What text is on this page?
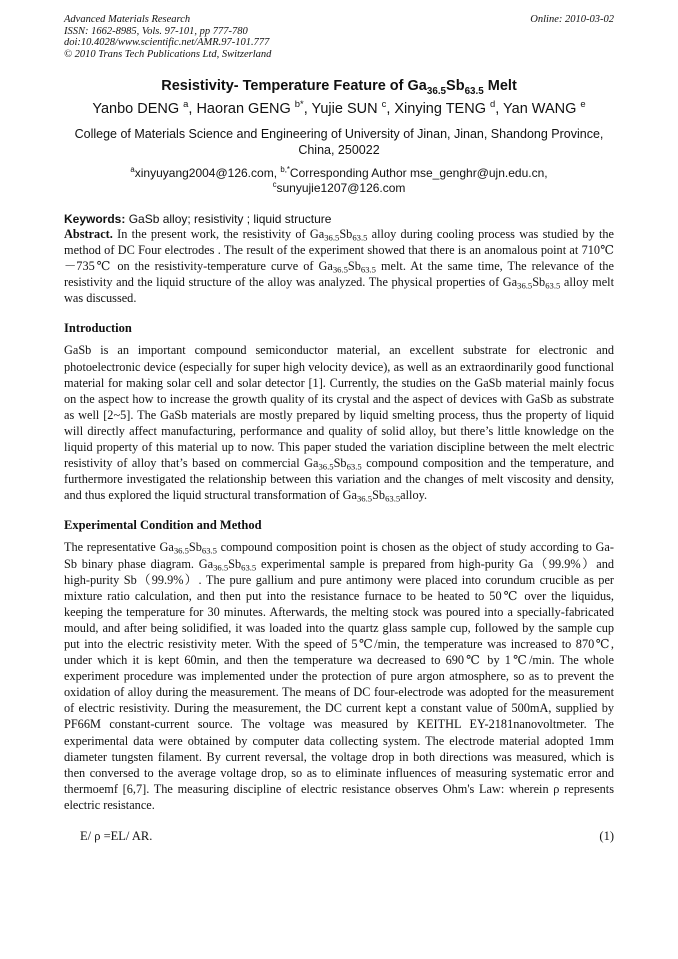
Advanced Materials Research
ISSN: 1662-8985, Vols. 97-101, pp 777-780
doi:10.4028/www.scientific.net/AMR.97-101.777
© 2010 Trans Tech Publications Ltd, Switzerland
Online: 2010-03-02
Resistivity- Temperature Feature of $Ga_{36.5}Sb_{63.5}$ Melt
Yanbo DENG $^a$, Haoran GENG $^{b*}$, Yujie SUN $^c$, Xinying TENG $^d$, Yan WANG $^e$
College of Materials Science and Engineering of University of Jinan, Jinan, Shandong Province, China, 250022
$^a$xinyuyang2004@126.com, $^{b,*}$Corresponding Author mse_genghr@ujn.edu.cn,
$^c$sunyujie1207@126.com
Keywords: GaSb alloy; resistivity ; liquid structure

Abstract. In the present work, the resistivity of $Ga_{36.5}Sb_{63.5}$ alloy during cooling process was studied by the method of DC Four electrodes . The result of the experiment showed that there is an anomalous point at 710℃－735℃ on the resistivity-temperature curve of $Ga_{36.5}Sb_{63.5}$ melt. At the same time, The relevance of the resistivity and the liquid structure of the alloy was analyzed. The physical properties of $Ga_{36.5}Sb_{63.5}$ alloy melt was discussed.

Introduction

GaSb is an important compound semiconductor material, an excellent substrate for electronic and photoelectronic device (especially for super high velocity device), as well as an extraordinarily good functional material for making solar cell and solar detector [1]. Currently, the studies on the GaSb material mainly focus on the aspect how to increase the growth quality of its crystal and the aspect of devices with GaSb as substrate as well [2~5]. The GaSb materials are mostly prepared by liquid smelting process, thus the property of liquid will directly affect manufacturing, performance and quality of solid alloy, but there’s little knowledge on the liquid property of this material up to now. This paper studed the variation discipline between the melt electric resistivity of alloy that’s based on commercial $Ga_{36.5}Sb_{63.5}$ compound composition and the temperature, and furthermore investigated the relationship between this variation and the changes of melt viscosity and density, and thus explored the liquid structural transformation of $Ga_{36.5}Sb_{63.5}alloy$.

Experimental Condition and Method

The representative $Ga_{36.5}Sb_{63.5}$ compound composition point is chosen as the object of study according to Ga-Sb binary phase diagram. $Ga_{36.5}Sb_{63.5}$ experimental sample is prepared from high-purity Ga（99.9%）and high-purity Sb（99.9%）. The pure gallium and pure antimony were placed into corundum crucible as per mixture ratio calculation, and then put into the resistance furnace to be heated to 50℃ over the liquidus, keeping the temperature for 30 minutes. Afterwards, the melting stock was poured into a specially-fabricated mould, and after being solidified, it was loaded into the quartz glass sample cup, followed by the sample cup put into the electric resistivity meter. With the speed of 5℃/min, the temperature was increased to 870℃, under which it is kept 60min, and then the temperature wa decreased to 690℃ by 1℃/min. The whole experiment procedure was implemented under the protection of pure argon atmosphere, so as to prevent the oxidation of alloy during the measurement. The means of DC four-electrode was adopted for the measurement of electric resistivity. During the measurement, the DC current kept a constant value of 500mA, supplied by PF66M constant-current source. The voltage was measured by KEITHL EY-2181nanovoltmeter. The experimental data were obtained by computer data collecting system. The electrode material adopted 1mm diameter tungsten filament. By current reversal, the voltage drop in both directions was measured, which is then conversed to the average voltage drop, so as to eliminate influences of measuring systematic error and thermoemf [6,7]. The measuring discipline of electric resistance observes Ohm's Law: wherein ρ represents electric resistance.

E/ ρ =EL/ AR.	(1)
